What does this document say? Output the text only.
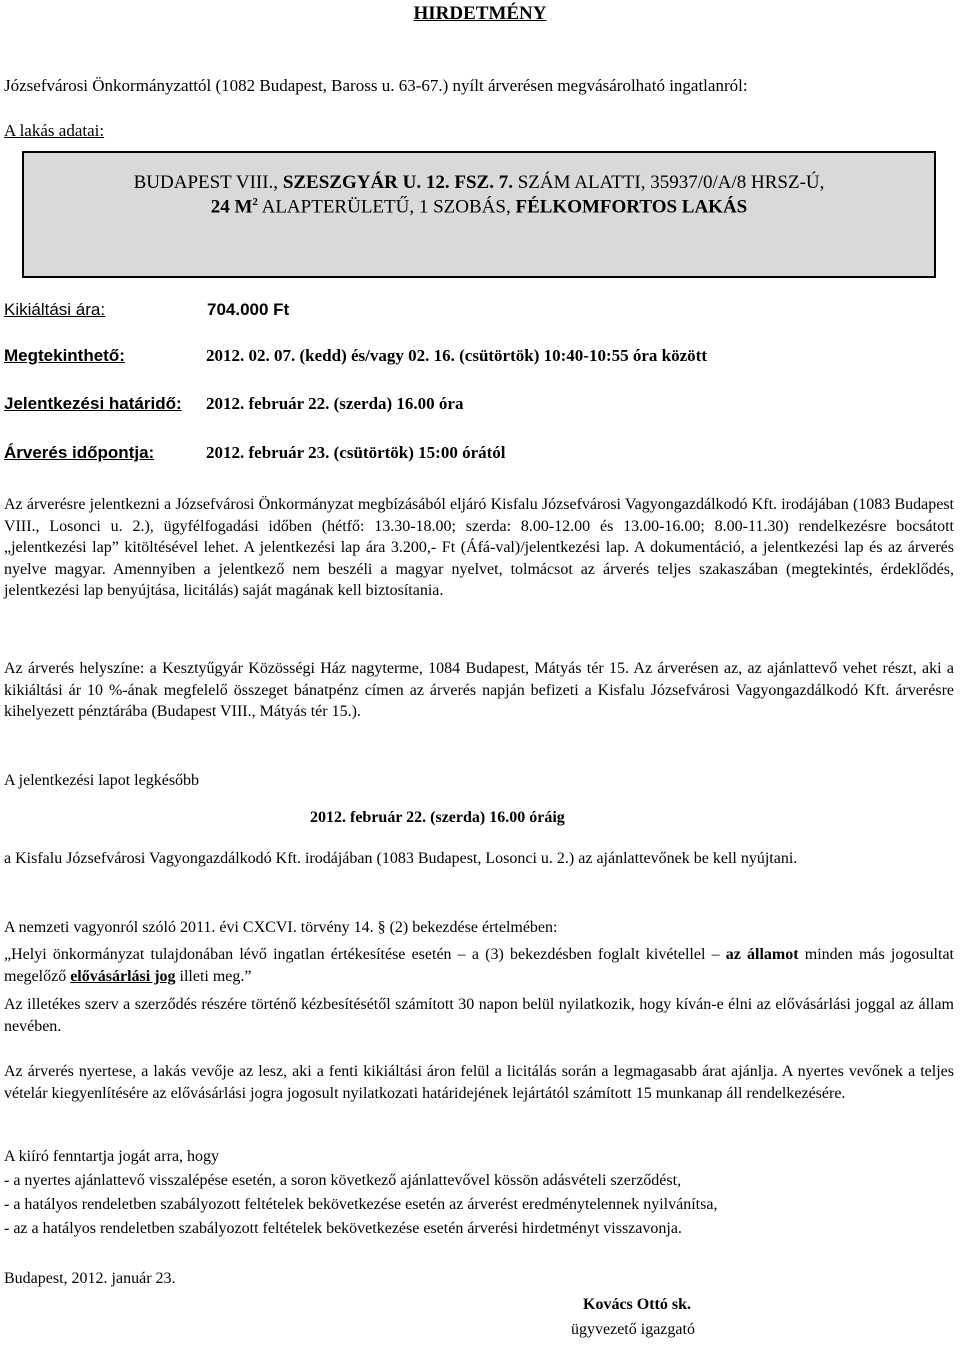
HIRDETMÉNY
Józsefvárosi Önkormányzattól (1082 Budapest, Baross u. 63-67.) nyílt árverésen megvásárolható ingatlanról:
A lakás adatai:
BUDAPEST VIII., SZESZGYÁR U. 12. FSZ. 7. SZÁM ALATTI, 35937/0/A/8 HRSZ-Ú,
24 $M^2$ ALAPTERÜLETŰ, 1 SZOBÁS, FÉLKOMFORTOS LAKÁS
Kikiáltási ára:	704.000 Ft
Megtekinthető:	2012. 02. 07. (kedd) és/vagy 02. 16. (csütörtök) 10:40-10:55 óra között
Jelentkezési határidő: 2012. február 22. (szerda) 16.00 óra
Árverés időpontja:	2012. február 23. (csütörtök) 15:00 órától
Az árverésre jelentkezni a Józsefvárosi Önkormányzat megbízásából eljáró Kisfalu Józsefvárosi Vagyongazdálkodó Kft. irodájában (1083 Budapest VIII., Losonci u. 2.), ügyfélfogadási időben (hétfő: 13.30-18.00; szerda: 8.00-12.00 és 13.00-16.00; 8.00-11.30) rendelkezésre bocsátott „jelentkezési lap” kitöltésével lehet. A jelentkezési lap ára 3.200,- Ft (Áfá-val)/jelentkezési lap. A dokumentáció, a jelentkezési lap és az árverés nyelve magyar. Amennyiben a jelentkező nem beszéli a magyar nyelvet, tolmácsot az árverés teljes szakaszában (megtekintés, érdeklődés, jelentkezési lap benyújtása, licitálás) saját magának kell biztosítania.
Az árverés helyszíne: a Kesztyűgyár Közösségi Ház nagyterme, 1084 Budapest, Mátyás tér 15. Az árverésen az, az ajánlattevő vehet részt, aki a kikiáltási ár 10 %-ának megfelelő összeget bánatpénz címen az árverés napján befizeti a Kisfalu Józsefvárosi Vagyongazdálkodó Kft. árverésre kihelyezett pénztárába (Budapest VIII., Mátyás tér 15.).
A jelentkezési lapot legkésőbb
2012. február 22. (szerda) 16.00 óráig
a Kisfalu Józsefvárosi Vagyongazdálkodó Kft. irodájában (1083 Budapest, Losonci u. 2.) az ajánlattevőnek be kell nyújtani.
A nemzeti vagyonról szóló 2011. évi CXCVI. törvény 14. § (2) bekezdése értelmében:
„Helyi önkormányzat tulajdonában lévő ingatlan értékesítése esetén – a (3) bekezdésben foglalt kivétellel – az államot minden más jogosultat megelőző elővásárlási jog illeti meg.”
Az illetékes szerv a szerződés részére történő kézbesítésétől számított 30 napon belül nyilatkozik, hogy kíván-e élni az elővásárlási joggal az állam nevében.
Az árverés nyertese, a lakás vevője az lesz, aki a fenti kikiáltási áron felül a licitálás során a legmagasabb árat ajánlja. A nyertes vevőnek a teljes vételár kiegyenlítésére az elővásárlási jogra jogosult nyilatkozati határidejének lejártától számított 15 munkanap áll rendelkezésére.
A kiíró fenntartja jogát arra, hogy
- a nyertes ajánlattevő visszalépése esetén, a soron következő ajánlattevővel kössön adásvételi szerződést,
- a hatályos rendeletben szabályozott feltételek bekövetkezése esetén az árverést eredménytelennek nyilvánítsa,
- az a hatályos rendeletben szabályozott feltételek bekövetkezése esetén árverési hirdetményt visszavonja.
Budapest, 2012. január 23.
Kovács Ottó sk.
ügyvezető igazgató
